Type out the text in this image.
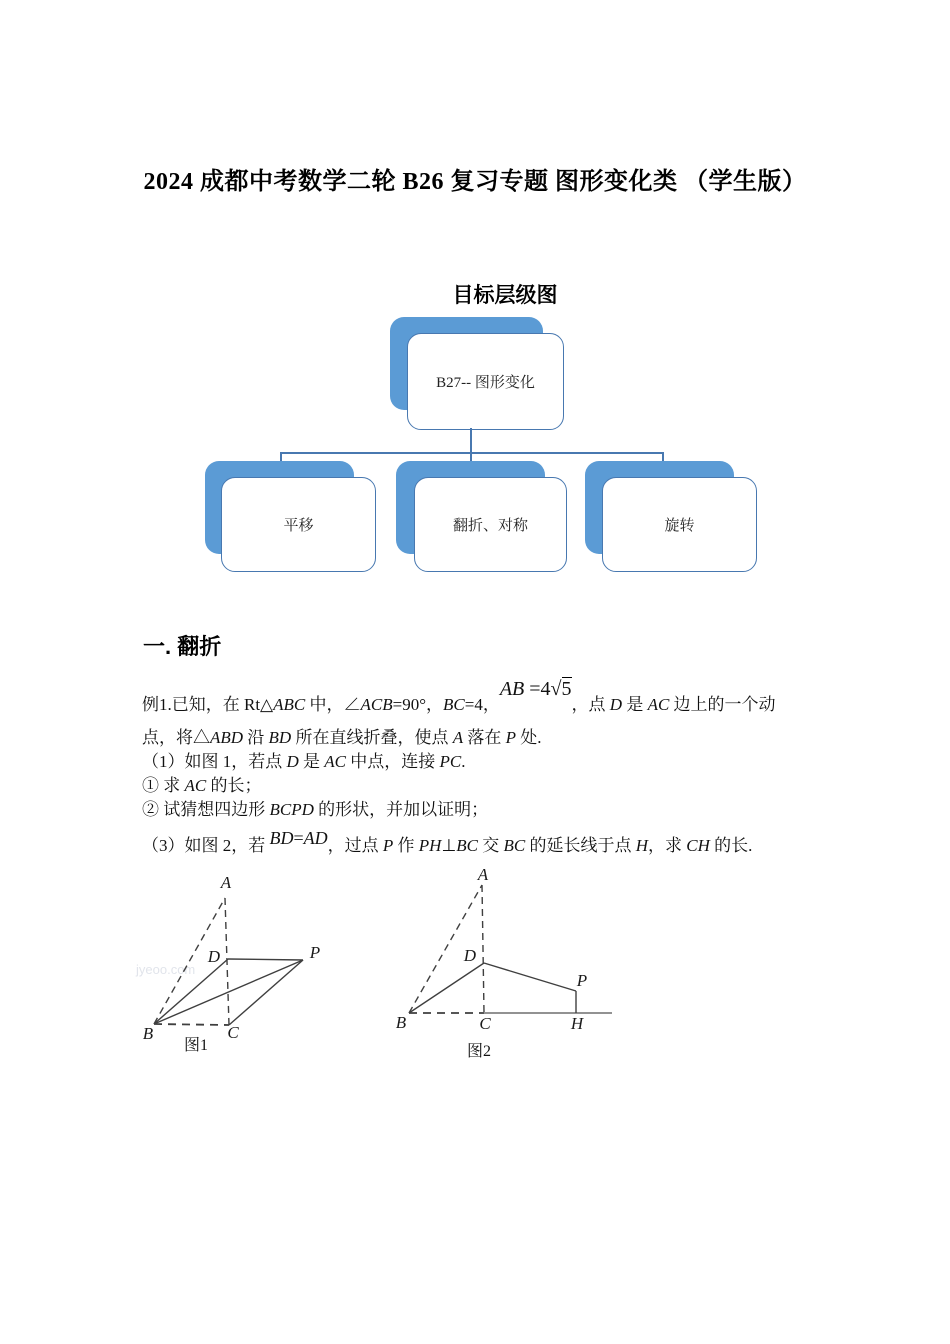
2024 成都中考数学二轮 B26 复习专题 图形变化类 （学生版）
目标层级图
B27-- 图形变化
平移	翻折、对称	旋转
一. 翻折
例1.已知，在 Rt△ABC 中，∠ACB=90°，BC=4，AB =4√5，点 D 是 AC 边上的一个动
点，将△ABD 沿 BD 所在直线折叠，使点 A 落在 P 处.
（1）如图 1，若点 D 是 AC 中点，连接 PC.
① 求 AC 的长；
② 试猜想四边形 BCPD 的形状，并加以证明；
（3）如图 2，若 BD=AD，过点 P 作 PH⊥BC 交 BC 的延长线于点 H，求 CH 的长.
jyeoo.com
A
D	P
B	C
图1
A
D
P
B	C	H
图2
